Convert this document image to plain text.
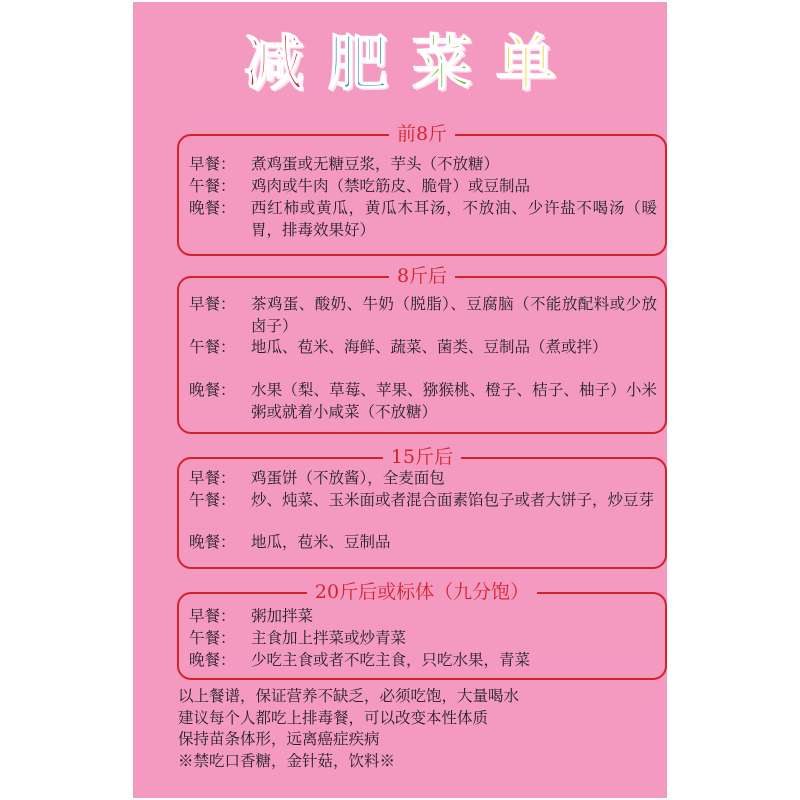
减肥菜单
前8斤
早餐： 煮鸡蛋或无糖豆浆，芋头（不放糖）
午餐： 鸡肉或牛肉（禁吃筋皮、脆骨）或豆制品
晚餐： 西红柿或黄瓜，黄瓜木耳汤，不放油、少许盐不喝汤（暖胃，排毒效果好）
8斤后
早餐： 茶鸡蛋、酸奶、牛奶（脱脂）、豆腐脑（不能放配料或少放卤子）
午餐： 地瓜、苞米、海鲜、蔬菜、菌类、豆制品（煮或拌）
晚餐： 水果（梨、草莓、苹果、猕猴桃、橙子、桔子、柚子）小米粥或就着小咸菜（不放糖）
15斤后
早餐： 鸡蛋饼（不放酱），全麦面包
午餐： 炒、炖菜、玉米面或者混合面素馅包子或者大饼子，炒豆芽
晚餐： 地瓜，苞米、豆制品
20斤后或标体（九分饱）
早餐： 粥加拌菜
午餐： 主食加上拌菜或炒青菜
晚餐： 少吃主食或者不吃主食，只吃水果，青菜
以上餐谱，保证营养不缺乏，必须吃饱，大量喝水
建议每个人都吃上排毒餐，可以改变本性体质
保持苗条体形，远离癌症疾病
※禁吃口香糖，金针菇，饮料※
